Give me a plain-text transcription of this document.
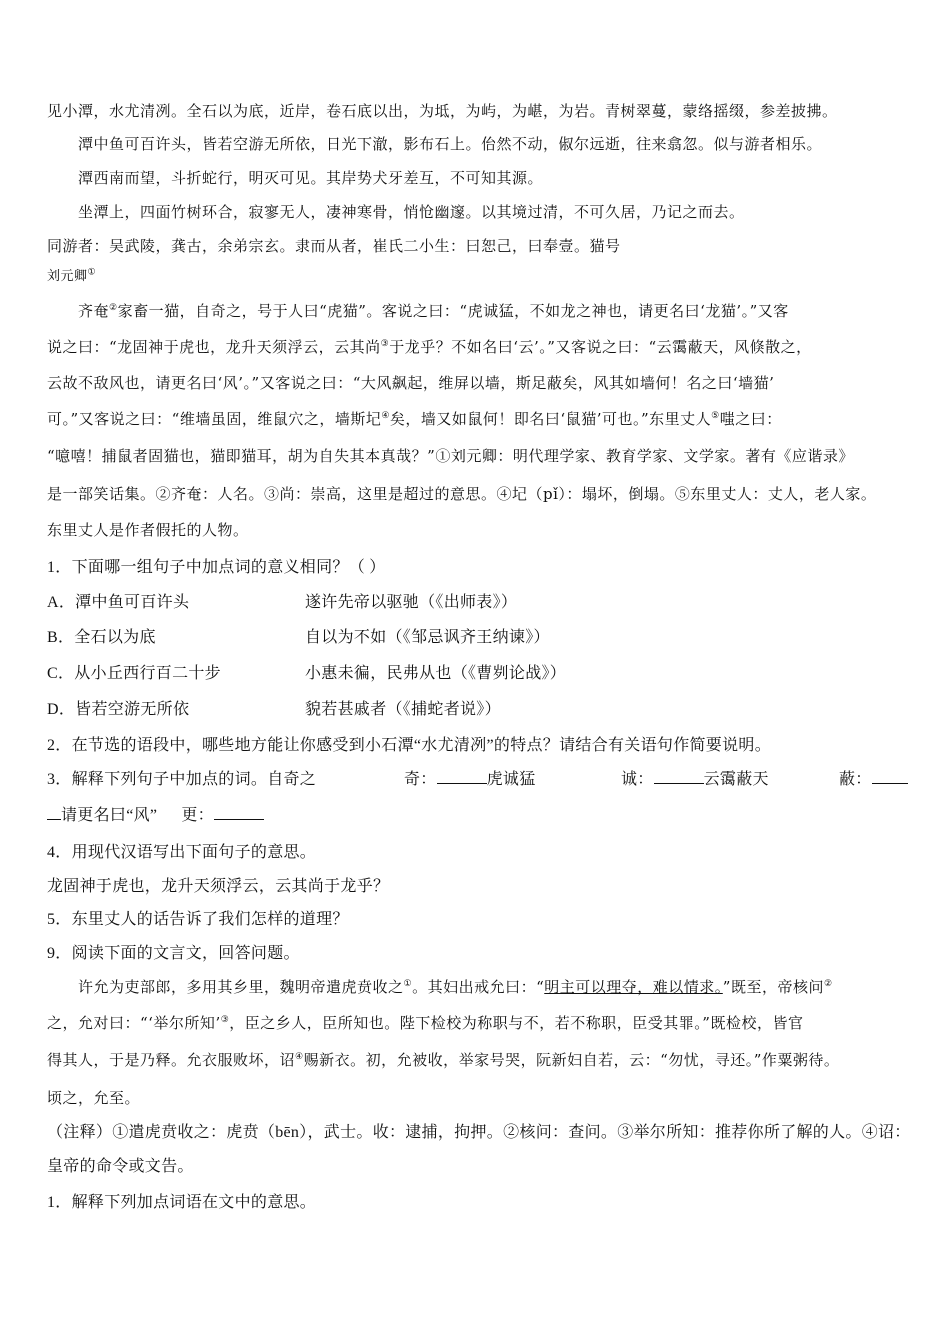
见小潭，水尤清冽。全石以为底，近岸，卷石底以出，为坻，为屿，为嵁，为岩。青树翠蔓，蒙络摇缀，参差披拂。
潭中鱼可百许头，皆若空游无所依，日光下澈，影布石上。佁然不动，俶尔远逝，往来翕忽。似与游者相乐。
潭西南而望，斗折蛇行，明灭可见。其岸势犬牙差互，不可知其源。
坐潭上，四面竹树环合，寂寥无人，凄神寒骨，悄怆幽邃。以其境过清，不可久居，乃记之而去。
同游者：吴武陵，龚古，余弟宗玄。隶而从者，崔氏二小生：曰恕己，曰奉壹。猫号
刘元卿①
齐奄②家畜一猫，自奇之，号于人曰“虎猫”。客说之曰：“虎诚猛，不如龙之神也，请更名曰‘龙猫’。”又客
说之曰：“龙固神于虎也，龙升天须浮云，云其尚③于龙乎？不如名曰‘云’。”又客说之曰：“云霭蔽天，风倏散之，
云故不敌风也，请更名曰‘风’。”又客说之曰：“大风飙起，维屏以墙，斯足蔽矣，风其如墙何！名之曰‘墙猫’
可。”又客说之曰：“维墙虽固，维鼠穴之，墙斯圮④矣，墙又如鼠何！即名曰‘鼠猫’可也。”东里丈人⑤嗤之曰：
“噫嘻！捕鼠者固猫也，猫即猫耳，胡为自失其本真哉？”①刘元卿：明代理学家、教育学家、文学家。著有《应谐录》
是一部笑话集。②齐奄：人名。③尚：崇高，这里是超过的意思。④圮（pǐ）：塌坏，倒塌。⑤东里丈人：丈人，老人家。
东里丈人是作者假托的人物。
1．下面哪一组句子中加点词的意义相同？（ ）
A．潭中鱼可百许头	遂许先帝以驱驰（《出师表》）
B．全石以为底	自以为不如（《邹忌讽齐王纳谏》）
C．从小丘西行百二十步	小惠未徧，民弗从也（《曹刿论战》）
D．皆若空游无所依	貌若甚戚者（《捕蛇者说》）
2．在节选的语段中，哪些地方能让你感受到小石潭“水尤清冽”的特点？请结合有关语句作简要说明。
3．解释下列句子中加点的词。自奇之	奇：	虎诚猛	诚：	云霭蔽天	蔽：
请更名曰“风” 更：
4．用现代汉语写出下面句子的意思。
龙固神于虎也，龙升天须浮云，云其尚于龙乎？
5．东里丈人的话告诉了我们怎样的道理？
9．阅读下面的文言文，回答问题。
许允为吏部郎，多用其乡里，魏明帝遣虎贲收之①。其妇出戒允曰：“明主可以理夺，难以情求。”既至，帝核问②
之，允对曰：“‘举尔所知’③，臣之乡人，臣所知也。陛下检校为称职与不，若不称职，臣受其罪。”既检校，皆官
得其人，于是乃释。允衣服败坏，诏④赐新衣。初，允被收，举家号哭，阮新妇自若，云：“勿忧，寻还。”作粟粥待。
顷之，允至。
（注释）①遣虎贲收之：虎贲（bēn），武士。收：逮捕，拘押。②核问：查问。③举尔所知：推荐你所了解的人。④诏：
皇帝的命令或文告。
1．解释下列加点词语在文中的意思。
